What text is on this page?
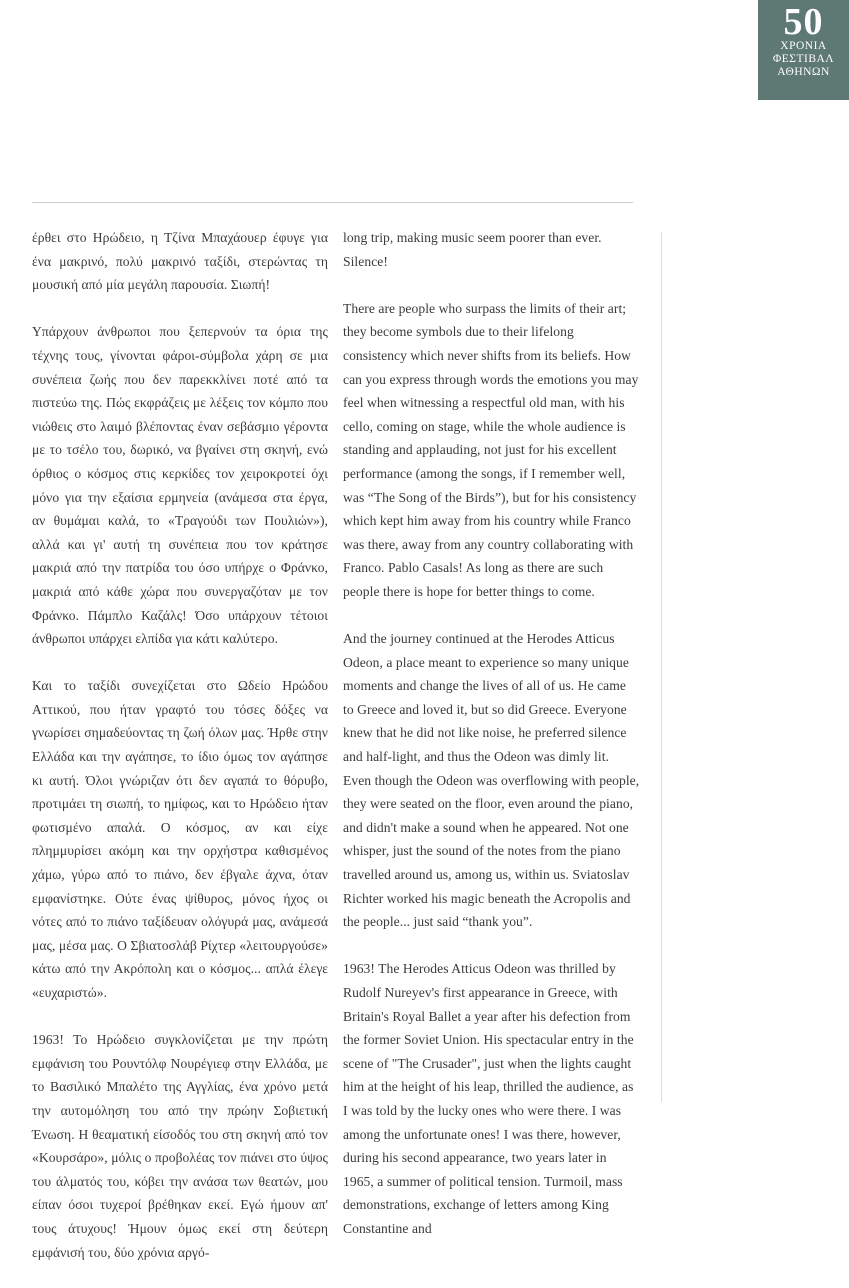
50
ΧΡΟΝΙΑ
ΦΕΣΤΙΒΑΛ
ΑΘΗΝΩΝ

έρθει στο Ηρώδειο, η Τζίνα Μπαχάουερ έφυγε για ένα μακρινό, πολύ μακρινό ταξίδι, στερώντας τη μουσική από μία μεγάλη παρουσία. Σιωπή!

Υπάρχουν άνθρωποι που ξεπερνούν τα όρια της τέχνης τους, γίνονται φάροι-σύμβολα χάρη σε μια συνέπεια ζωής που δεν παρεκκλίνει ποτέ από τα πιστεύω της. Πώς εκφράζεις με λέξεις τον κόμπο που νιώθεις στο λαιμό βλέποντας έναν σεβάσμιο γέροντα με το τσέλο του, δωρικό, να βγαίνει στη σκηνή, ενώ όρθιος ο κόσμος στις κερκίδες τον χειροκροτεί όχι μόνο για την εξαίσια ερμηνεία (ανάμεσα στα έργα, αν θυμάμαι καλά, το «Τραγούδι των Πουλιών»), αλλά και γι' αυτή τη συνέπεια που τον κράτησε μακριά από την πατρίδα του όσο υπήρχε ο Φράνκο, μακριά από κάθε χώρα που συνεργαζόταν με τον Φράνκο. Πάμπλο Καζάλς! Όσο υπάρχουν τέτοιοι άνθρωποι υπάρχει ελπίδα για κάτι καλύτερο.

Και το ταξίδι συνεχίζεται στο Ωδείο Ηρώδου Αττικού, που ήταν γραφτό του τόσες δόξες να γνωρίσει σημαδεύοντας τη ζωή όλων μας. Ήρθε στην Ελλάδα και την αγάπησε, το ίδιο όμως τον αγάπησε κι αυτή. Όλοι γνώριζαν ότι δεν αγαπά το θόρυβο, προτιμάει τη σιωπή, το ημίφως, και το Ηρώδειο ήταν φωτισμένο απαλά. Ο κόσμος, αν και είχε πλημμυρίσει ακόμη και την ορχήστρα καθισμένος χάμω, γύρω από το πιάνο, δεν έβγαλε άχνα, όταν εμφανίστηκε. Ούτε ένας ψίθυρος, μόνος ήχος οι νότες από το πιάνο ταξίδευαν ολόγυρά μας, ανάμεσά μας, μέσα μας. Ο Σβιατοσλάβ Ρίχτερ «λειτουργούσε» κάτω από την Ακρόπολη και ο κόσμος... απλά έλεγε «ευχαριστώ».

1963! Το Ηρώδειο συγκλονίζεται με την πρώτη εμφάνιση του Ρουντόλφ Νουρέγιεφ στην Ελλάδα, με το Βασιλικό Μπαλέτο της Αγγλίας, ένα χρόνο μετά την αυτομόληση του από την πρώην Σοβιετική Ένωση. Η θεαματική είσοδός του στη σκηνή από τον «Κουρσάρο», μόλις ο προβολέας τον πιάνει στο ύψος του άλματός του, κόβει την ανάσα των θεατών, μου είπαν όσοι τυχεροί βρέθηκαν εκεί. Εγώ ήμουν απ' τους άτυχους! Ήμουν όμως εκεί στη δεύτερη εμφάνισή του, δύο χρόνια αργό-

long trip, making music seem poorer than ever. Silence!

There are people who surpass the limits of their art; they become symbols due to their lifelong consistency which never shifts from its beliefs. How can you express through words the emotions you may feel when witnessing a respectful old man, with his cello, coming on stage, while the whole audience is standing and applauding, not just for his excellent performance (among the songs, if I remember well, was “The Song of the Birds”), but for his consistency which kept him away from his country while Franco was there, away from any country collaborating with Franco. Pablo Casals! As long as there are such people there is hope for better things to come.

And the journey continued at the Herodes Atticus Odeon, a place meant to experience so many unique moments and change the lives of all of us. He came to Greece and loved it, but so did Greece. Everyone knew that he did not like noise, he preferred silence and half-light, and thus the Odeon was dimly lit. Even though the Odeon was overflowing with people, they were seated on the floor, even around the piano, and didn't make a sound when he appeared. Not one whisper, just the sound of the notes from the piano travelled around us, among us, within us. Sviatoslav Richter worked his magic beneath the Acropolis and the people... just said “thank you”.

1963! The Herodes Atticus Odeon was thrilled by Rudolf Nureyev's first appearance in Greece, with Britain's Royal Ballet a year after his defection from the former Soviet Union. His spectacular entry in the scene of "The Crusader", just when the lights caught him at the height of his leap, thrilled the audience, as I was told by the lucky ones who were there. I was among the unfortunate ones! I was there, however, during his second appearance, two years later in 1965, a summer of political tension. Turmoil, mass demonstrations, exchange of letters among King Constantine and
